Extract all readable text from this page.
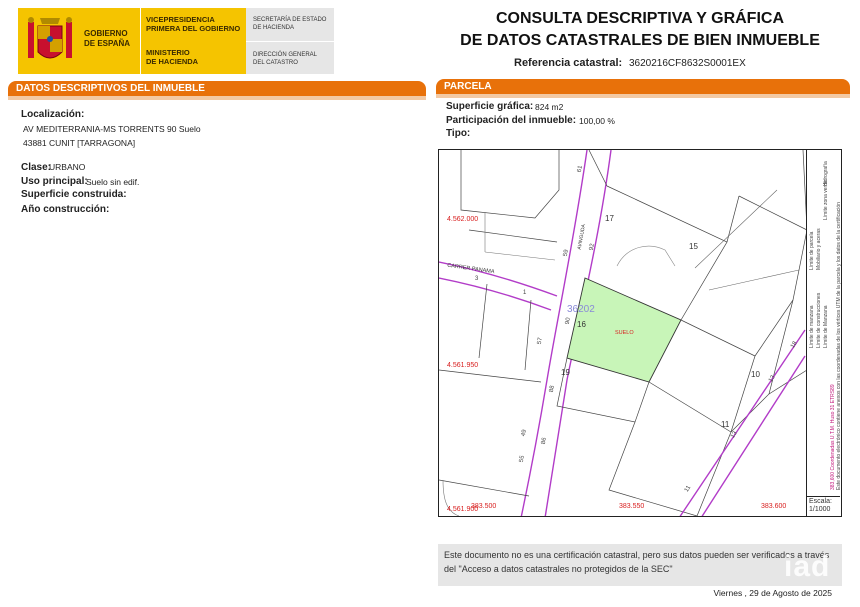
GOBIERNO
DE ESPAÑA
VICEPRESIDENCIA
PRIMERA DEL GOBIERNO
MINISTERIO
DE HACIENDA
SECRETARÍA DE ESTADO
DE HACIENDA
DIRECCIÓN GENERAL
DEL CATASTRO
CONSULTA DESCRIPTIVA Y GRÁFICA
DE DATOS CATASTRALES DE BIEN INMUEBLE
Referencia catastral: 3620216CF8632S0001EX
DATOS DESCRIPTIVOS DEL INMUEBLE
Localización:
AV MEDITERRANIA-MS TORRENTS 90 Suelo
43881 CUNIT [TARRAGONA]
Clase:
URBANO
Uso principal:
Suelo sin edif.
Superficie construida:
Año construcción:
PARCELA
Superficie gráfica: 824 m2
Participación del inmueble: 100,00 %
Tipo:
4.562.000
4.561.950
4.561.900
383.500	383.550	383.600
CARRER PANAMA
AVINGUDA
36202
SUELO
17
15
16
19	10
11
61
59
92
90
57
88
49
86
55
13
18
13
11
3
1
Límite de parcela
Límite de manzana Límite de construcciones
Mobiliario y aceras
Límite zona verde
Hidrografía
Límite de Manzana
383,600 Coordenadas U.T.M. Huso 31 ETRS89 Este documento electrónico contiene anexos con las coordenadas de los vértices UTM de la parcela y los datos de la certificación
Escala:
1/1000
Este documento no es una certificación catastral, pero sus datos pueden ser verificados a través del "Acceso a datos catastrales no protegidos de la SEC"	iad
Viernes , 29 de Agosto de 2025
